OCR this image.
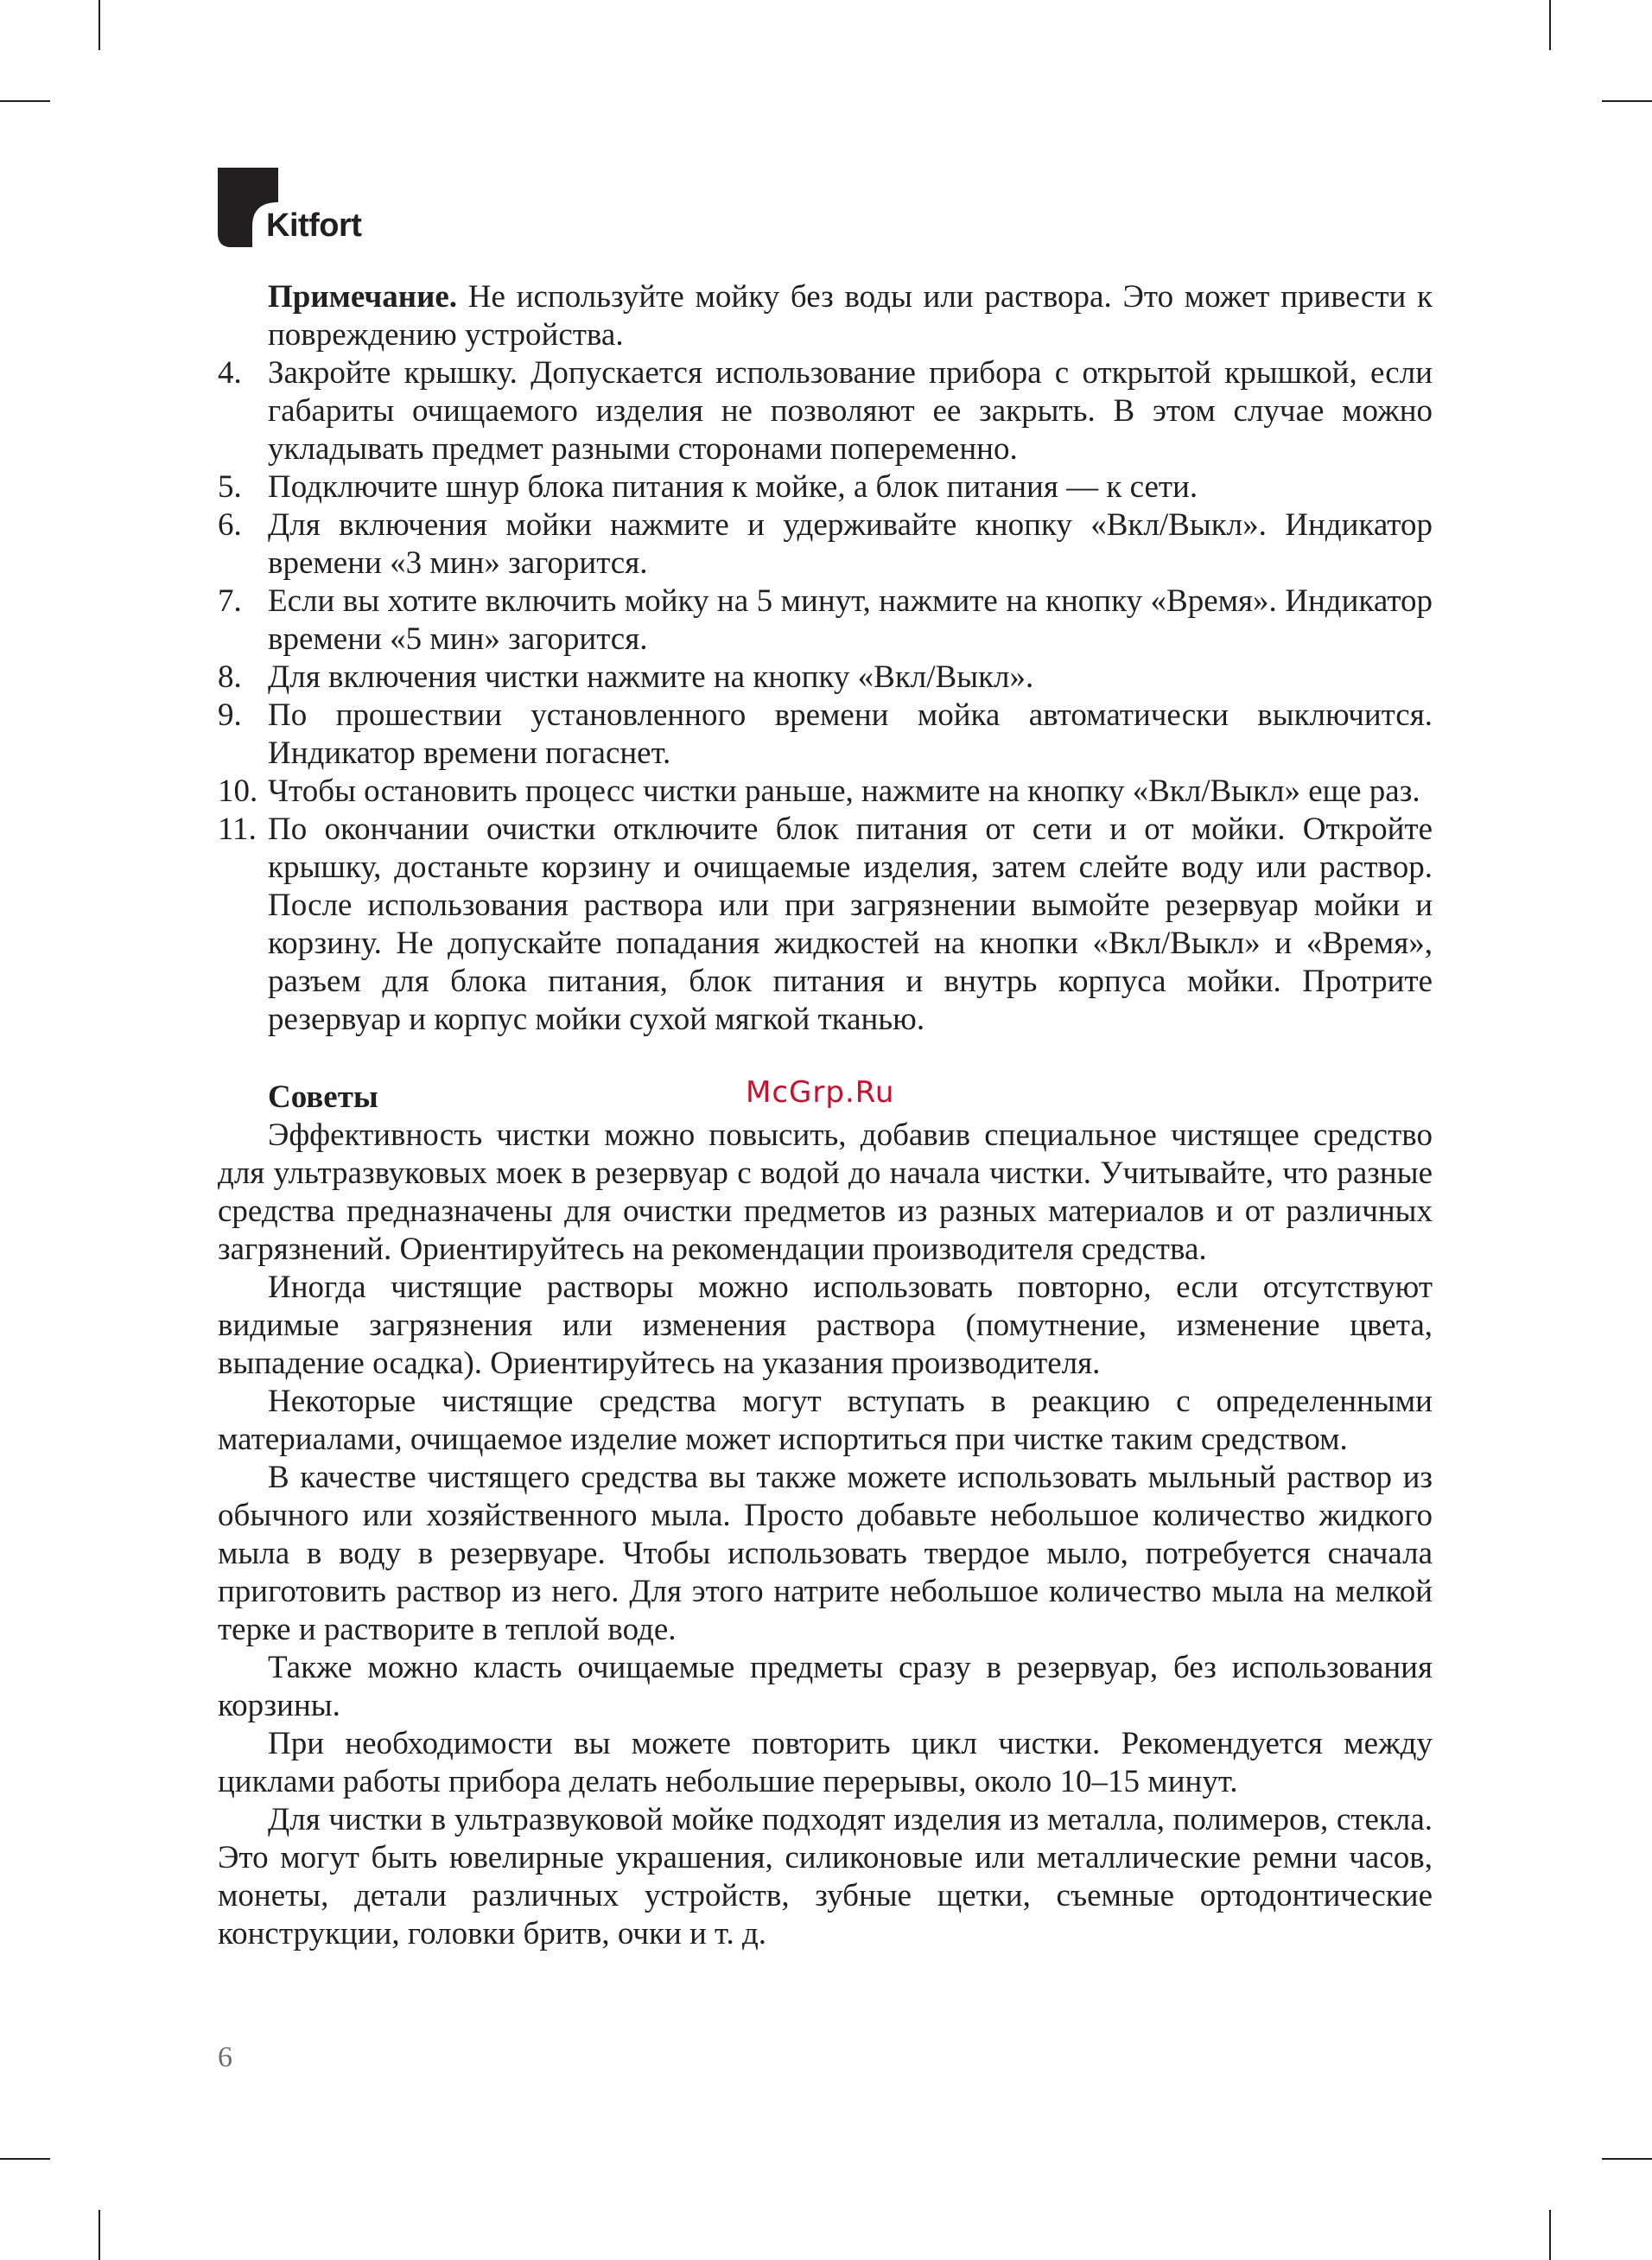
Kitfort

Примечание. Не используйте мойку без воды или раствора. Это может привести к повреждению устройства.

4. Закройте крышку. Допускается использование прибора с открытой крышкой, если габариты очищаемого изделия не позволяют ее закрыть. В этом случае можно укладывать предмет разными сторонами попеременно.
5. Подключите шнур блока питания к мойке, а блок питания — к сети.
6. Для включения мойки нажмите и удерживайте кнопку «Вкл/Выкл». Индикатор времени «3 мин» загорится.
7. Если вы хотите включить мойку на 5 минут, нажмите на кнопку «Время». Индикатор времени «5 мин» загорится.
8. Для включения чистки нажмите на кнопку «Вкл/Выкл».
9. По прошествии установленного времени мойка автоматически выключится. Индикатор времени погаснет.
10. Чтобы остановить процесс чистки раньше, нажмите на кнопку «Вкл/Выкл» еще раз.
11. По окончании очистки отключите блок питания от сети и от мойки. Откройте крышку, достаньте корзину и очищаемые изделия, затем слейте воду или раствор. После использования раствора или при загрязнении вымойте резервуар мойки и корзину. Не допускайте попадания жидкостей на кнопки «Вкл/Выкл» и «Время», разъем для блока питания, блок питания и внутрь корпуса мойки. Протрите резервуар и корпус мойки сухой мягкой тканью.
Советы	McGrp.Ru

Эффективность чистки можно повысить, добавив специальное чистящее средство для ультразвуковых моек в резервуар с водой до начала чистки. Учитывайте, что разные средства предназначены для очистки предметов из разных материалов и от различных загрязнений. Ориентируйтесь на рекомендации производителя средства.

Иногда чистящие растворы можно использовать повторно, если отсутствуют видимые загрязнения или изменения раствора (помутнение, изменение цвета, выпадение осадка). Ориентируйтесь на указания производителя.

Некоторые чистящие средства могут вступать в реакцию с определенными материалами, очищаемое изделие может испортиться при чистке таким средством.

В качестве чистящего средства вы также можете использовать мыльный раствор из обычного или хозяйственного мыла. Просто добавьте небольшое количество жидкого мыла в воду в резервуаре. Чтобы использовать твердое мыло, потребуется сначала приготовить раствор из него. Для этого натрите небольшое количество мыла на мелкой терке и растворите в теплой воде.

Также можно класть очищаемые предметы сразу в резервуар, без использования корзины.

При необходимости вы можете повторить цикл чистки. Рекомендуется между циклами работы прибора делать небольшие перерывы, около 10–15 минут.

Для чистки в ультразвуковой мойке подходят изделия из металла, полимеров, стекла. Это могут быть ювелирные украшения, силиконовые или металлические ремни часов, монеты, детали различных устройств, зубные щетки, съемные ортодонтические конструкции, головки бритв, очки и т. д.

6
